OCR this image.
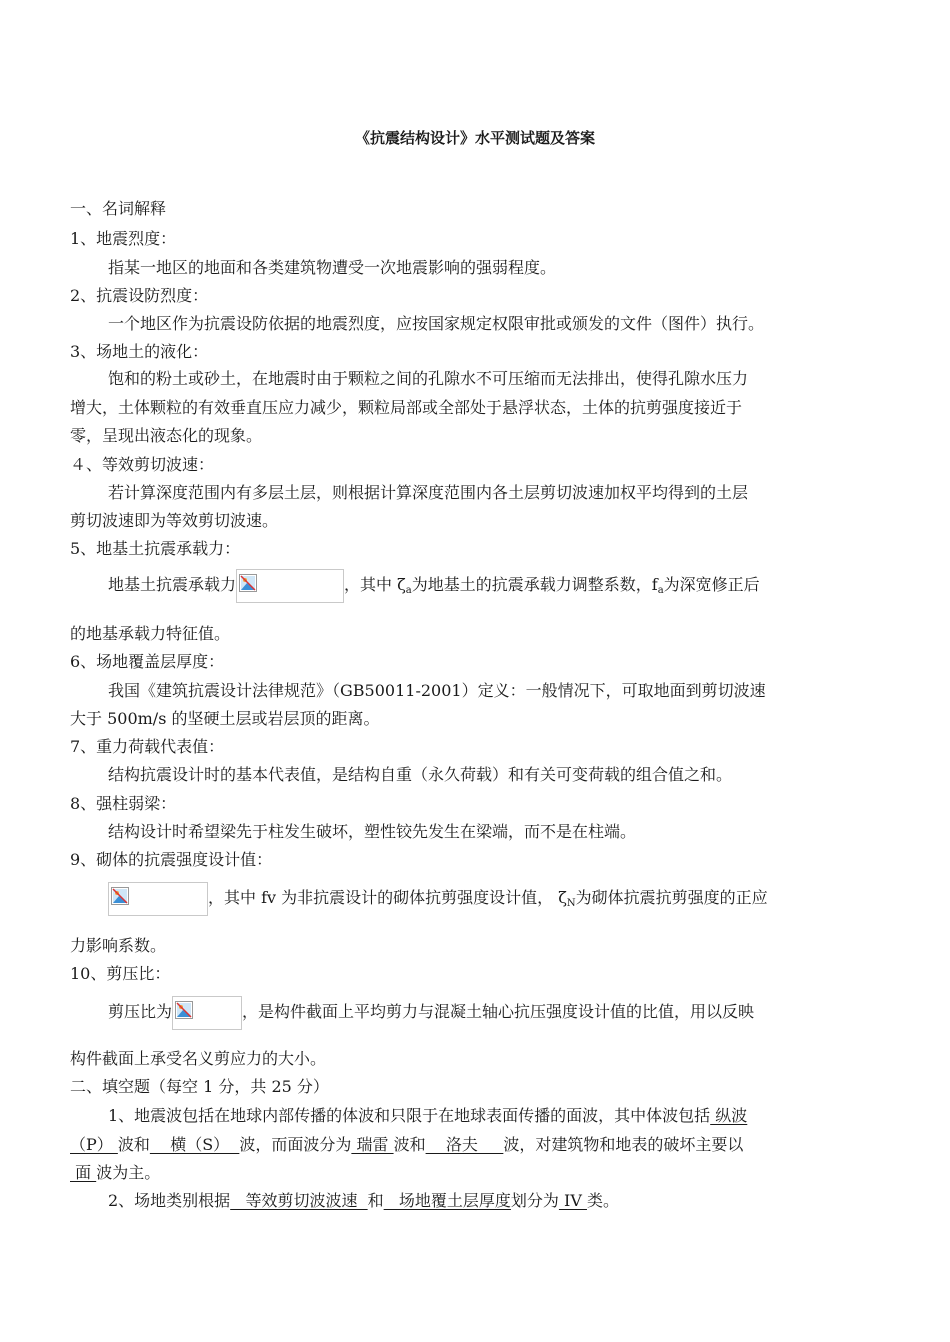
《抗震结构设计》水平测试题及答案
一、名词解释
1、地震烈度：
指某一地区的地面和各类建筑物遭受一次地震影响的强弱程度。
2、抗震设防烈度：
一个地区作为抗震设防依据的地震烈度，应按国家规定权限审批或颁发的文件（图件）执行。
3、场地土的液化：
饱和的粉土或砂土，在地震时由于颗粒之间的孔隙水不可压缩而无法排出，使得孔隙水压力
增大，土体颗粒的有效垂直压应力减少，颗粒局部或全部处于悬浮状态，土体的抗剪强度接近于
零，呈现出液态化的现象。
４、等效剪切波速：
若计算深度范围内有多层土层，则根据计算深度范围内各土层剪切波速加权平均得到的土层
剪切波速即为等效剪切波速。
5、地基土抗震承载力：
地基土抗震承载力	，其中 $\zeta_a$为地基土的抗震承载力调整系数，$f_a$为深宽修正后
的地基承载力特征值。
6、场地覆盖层厚度：
我国《建筑抗震设计法律规范》（GB50011-2001）定义：一般情况下，可取地面到剪切波速
大于 500m/s 的坚硬土层或岩层顶的距离。
7、重力荷载代表值：
结构抗震设计时的基本代表值，是结构自重（永久荷载）和有关可变荷载的组合值之和。
8、强柱弱梁：
结构设计时希望梁先于柱发生破坏，塑性铰先发生在梁端，而不是在柱端。
9、砌体的抗震强度设计值：
，其中 fv 为非抗震设计的砌体抗剪强度设计值， $\zeta_N$为砌体抗震抗剪强度的正应
力影响系数。
10、剪压比：
剪压比为	，是构件截面上平均剪力与混凝土轴心抗压强度设计值的比值，用以反映
构件截面上承受名义剪应力的大小。
二、填空题（每空 1 分，共 25 分）
1、地震波包括在地球内部传播的体波和只限于在地球表面传播的面波，其中体波包括 纵波
（P） 波和    横（S）  波，而面波分为 瑞雷 波和    洛夫     波，对建筑物和地表的破坏主要以
面 波为主。
2、场地类别根据   等效剪切波波速  和   场地覆土层厚度划分为 IV 类。
